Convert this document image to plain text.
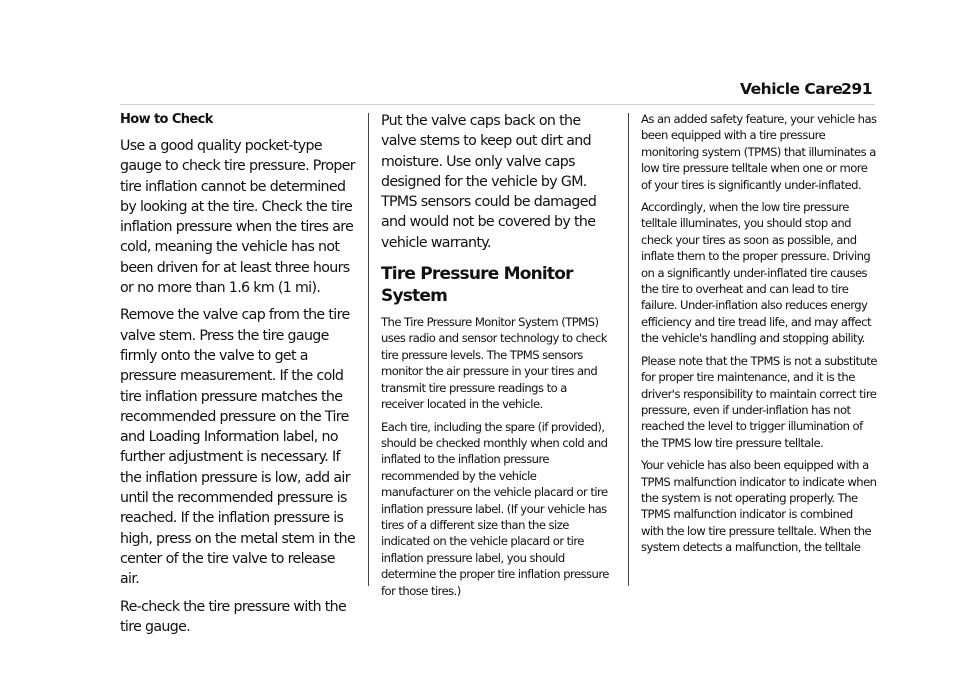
Vehicle Care
291
How to Check

Use a good quality pocket-type gauge to check tire pressure. Proper tire inflation cannot be determined by looking at the tire. Check the tire inflation pressure when the tires are cold, meaning the vehicle has not been driven for at least three hours or no more than 1.6 km (1 mi).

Remove the valve cap from the tire valve stem. Press the tire gauge firmly onto the valve to get a pressure measurement. If the cold tire inflation pressure matches the recommended pressure on the Tire and Loading Information label, no further adjustment is necessary. If the inflation pressure is low, add air until the recommended pressure is reached. If the inflation pressure is high, press on the metal stem in the center of the tire valve to release air.

Re-check the tire pressure with the tire gauge.

Put the valve caps back on the valve stems to keep out dirt and moisture. Use only valve caps designed for the vehicle by GM. TPMS sensors could be damaged and would not be covered by the vehicle warranty.

Tire Pressure Monitor System

The Tire Pressure Monitor System (TPMS) uses radio and sensor technology to check tire pressure levels. The TPMS sensors monitor the air pressure in your tires and transmit tire pressure readings to a receiver located in the vehicle.

Each tire, including the spare (if provided), should be checked monthly when cold and inflated to the inflation pressure recommended by the vehicle manufacturer on the vehicle placard or tire inflation pressure label. (If your vehicle has tires of a different size than the size indicated on the vehicle placard or tire inflation pressure label, you should determine the proper tire inflation pressure for those tires.)

As an added safety feature, your vehicle has been equipped with a tire pressure monitoring system (TPMS) that illuminates a low tire pressure telltale when one or more of your tires is significantly under-inflated.

Accordingly, when the low tire pressure telltale illuminates, you should stop and check your tires as soon as possible, and inflate them to the proper pressure. Driving on a significantly under-inflated tire causes the tire to overheat and can lead to tire failure. Under-inflation also reduces energy efficiency and tire tread life, and may affect the vehicle's handling and stopping ability.

Please note that the TPMS is not a substitute for proper tire maintenance, and it is the driver's responsibility to maintain correct tire pressure, even if under-inflation has not reached the level to trigger illumination of the TPMS low tire pressure telltale.

Your vehicle has also been equipped with a TPMS malfunction indicator to indicate when the system is not operating properly. The TPMS malfunction indicator is combined with the low tire pressure telltale. When the system detects a malfunction, the telltale
